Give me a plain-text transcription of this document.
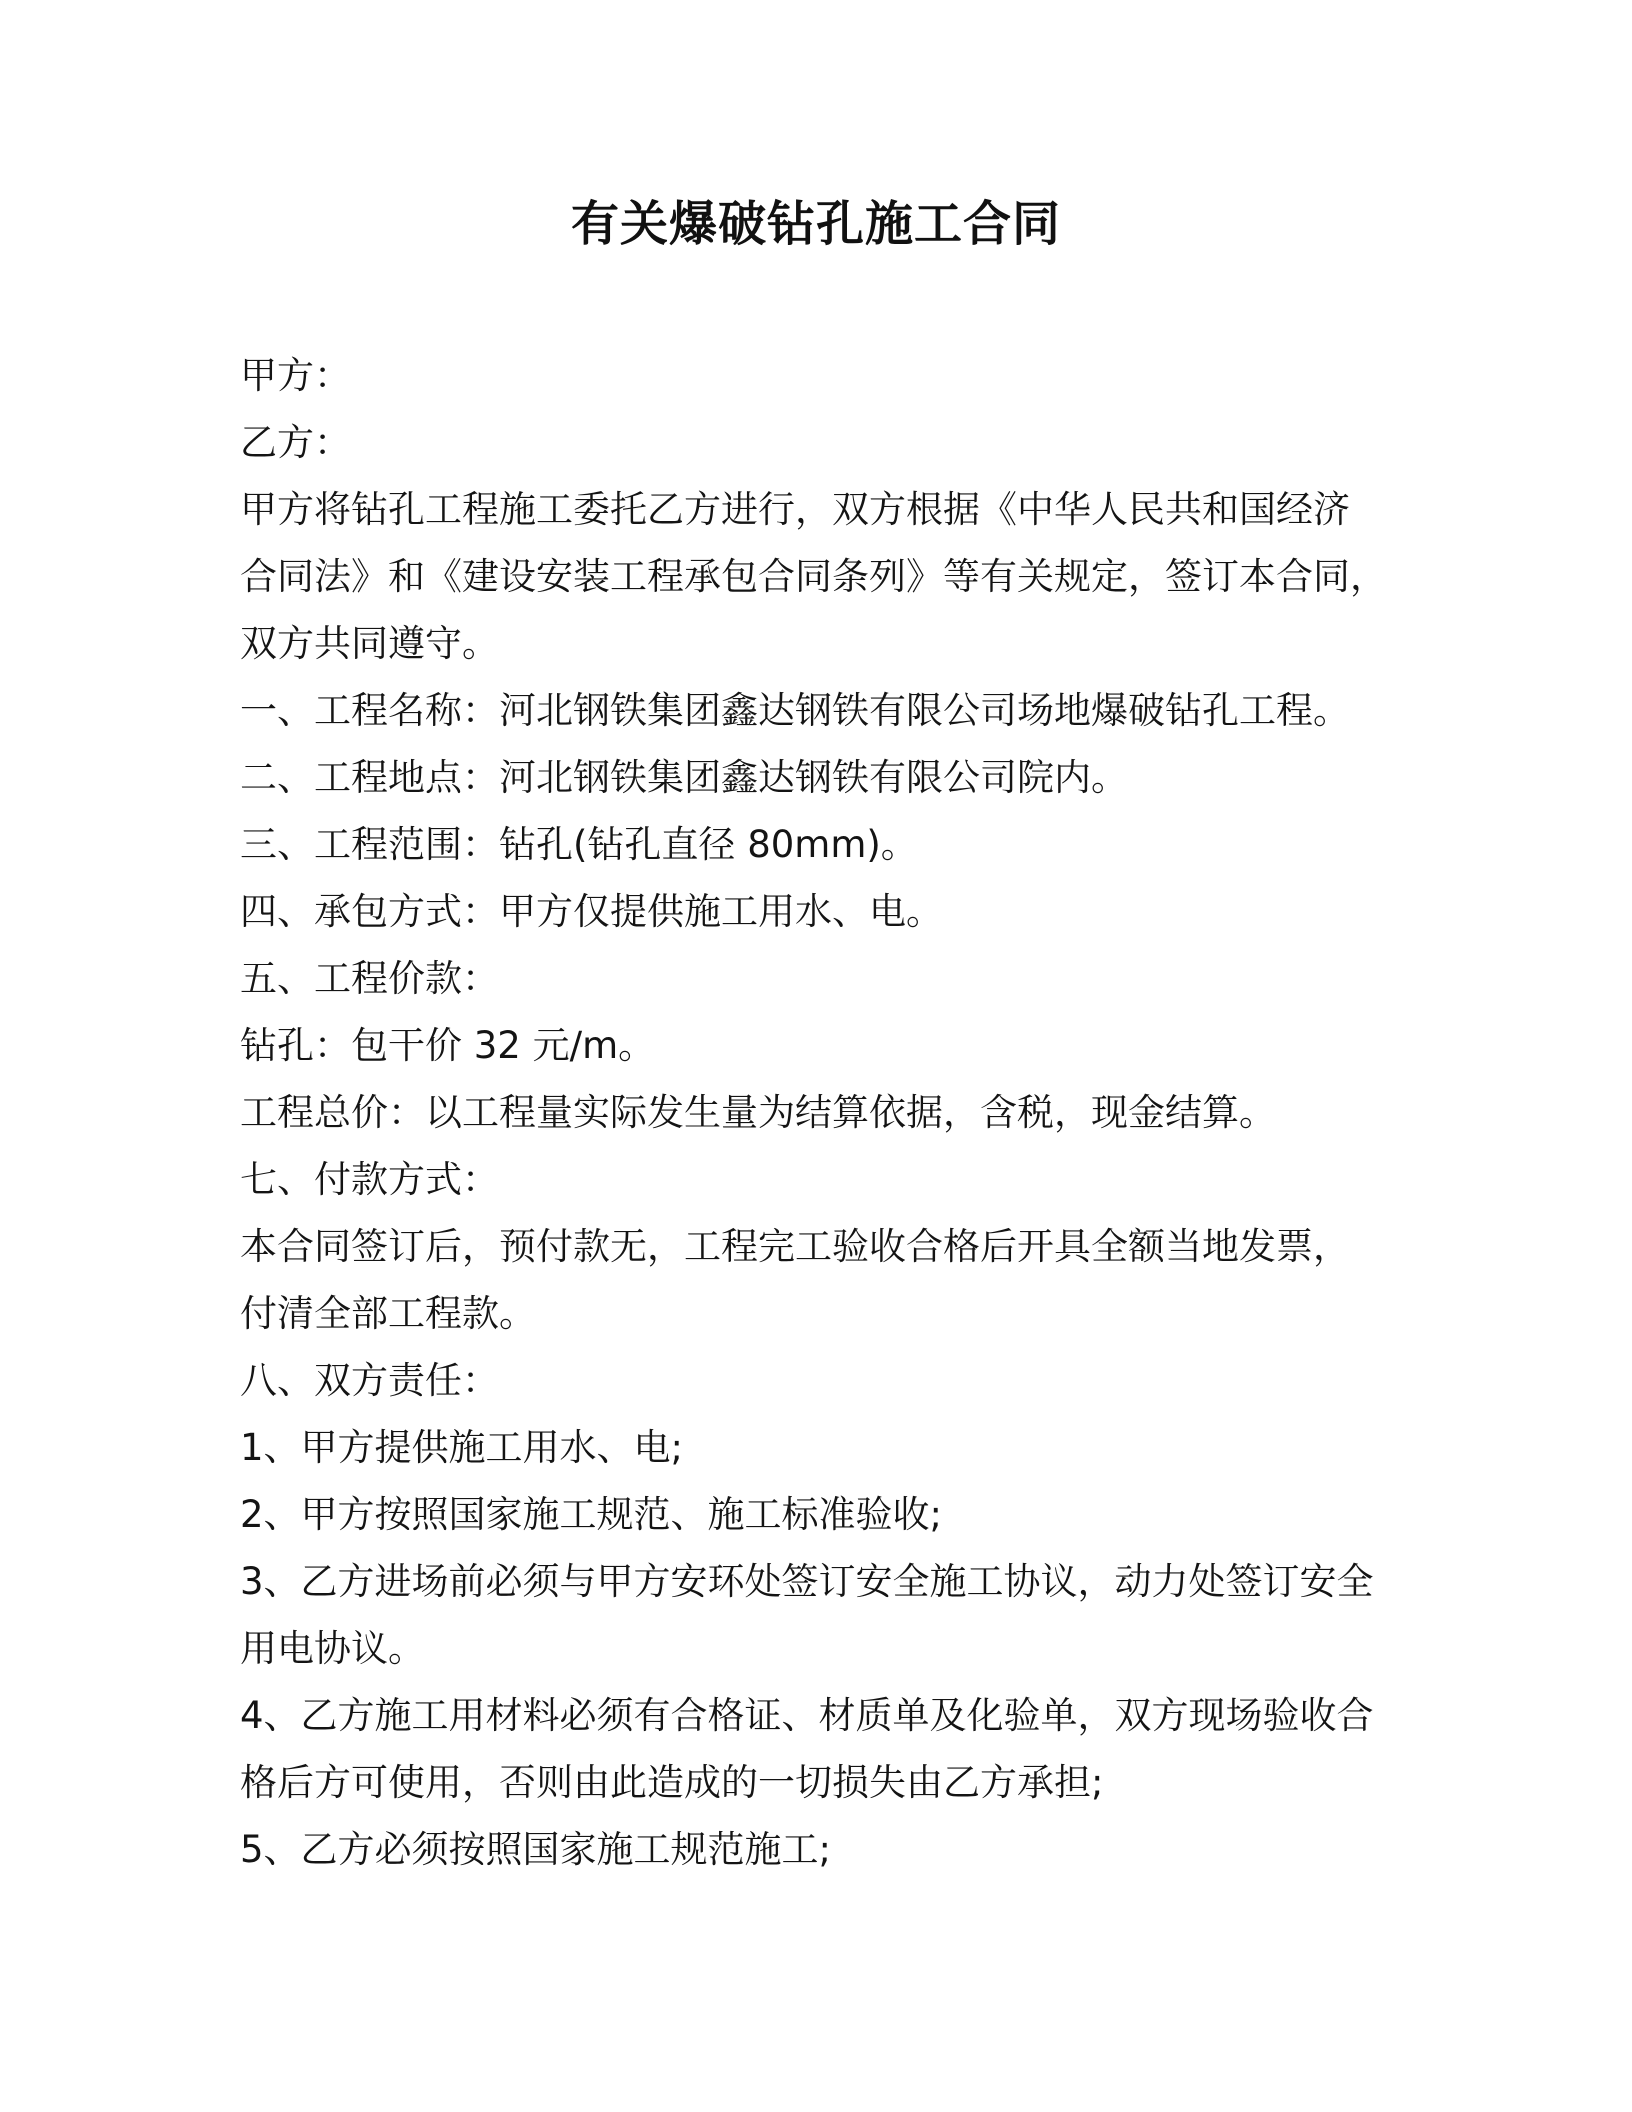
有关爆破钻孔施工合同

甲方：

乙方：

甲方将钻孔工程施工委托乙方进行，双方根据《中华人民共和国经济

合同法》和《建设安装工程承包合同条列》等有关规定，签订本合同，

双方共同遵守。

一、工程名称：河北钢铁集团鑫达钢铁有限公司场地爆破钻孔工程。

二、工程地点：河北钢铁集团鑫达钢铁有限公司院内。

三、工程范围：钻孔(钻孔直径 80mm)。

四、承包方式：甲方仅提供施工用水、电。

五、工程价款：

钻孔：包干价 32 元/m。

工程总价：以工程量实际发生量为结算依据，含税，现金结算。

七、付款方式：

本合同签订后，预付款无，工程完工验收合格后开具全额当地发票，

付清全部工程款。

八、双方责任：

1、甲方提供施工用水、电;

2、甲方按照国家施工规范、施工标准验收;

3、乙方进场前必须与甲方安环处签订安全施工协议，动力处签订安全

用电协议。

4、乙方施工用材料必须有合格证、材质单及化验单，双方现场验收合

格后方可使用，否则由此造成的一切损失由乙方承担;

5、乙方必须按照国家施工规范施工;
